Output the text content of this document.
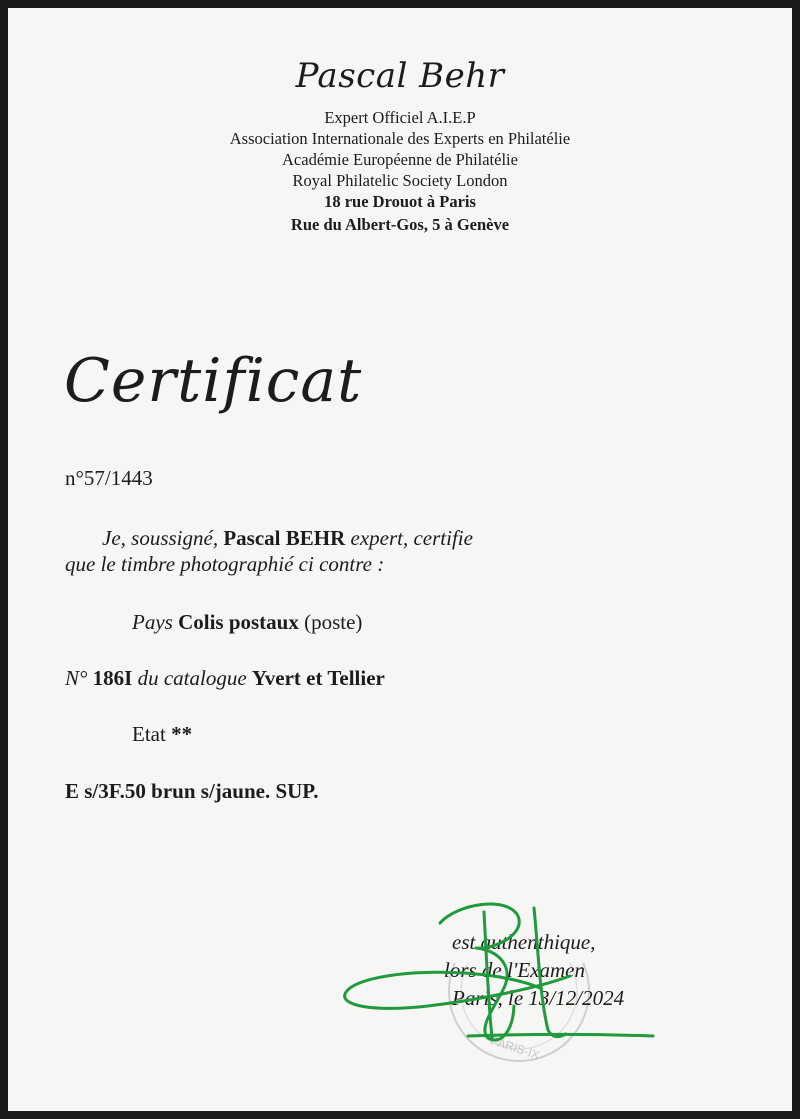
Pascal Behr
Expert Officiel A.I.E.P
Association Internationale des Experts en Philatélie
Académie Européenne de Philatélie
Royal Philatelic Society London
18 rue Drouot à Paris
Rue du Albert-Gos, 5 à Genève
Certificat
n°57/1443
Je, soussigné, Pascal BEHR expert, certifie
que le timbre photographié ci contre :
Pays Colis postaux (poste)
N° 186I du catalogue Yvert et Tellier
Etat **
E s/3F.50 brun s/jaune. SUP.
PARIS-IX
est authenthique,
lors de l'Examen
Paris, le 13/12/2024
